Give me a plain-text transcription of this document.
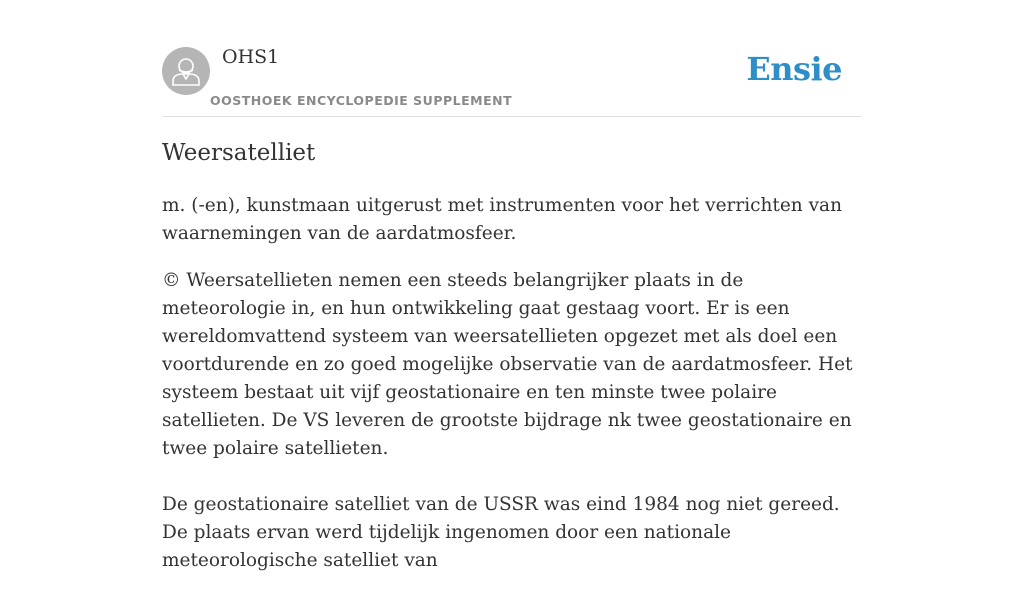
OHS1
OOSTHOEK ENCYCLOPEDIE SUPPLEMENT
Ensie
Weersatelliet

m. (-en), kunstmaan uitgerust met instrumenten voor het verrichten van waarnemingen van de aardatmosfeer.

© Weersatellieten nemen een steeds belangrijker plaats in de meteorologie in, en hun ontwikkeling gaat gestaag voort. Er is een wereldomvattend systeem van weersatellieten opgezet met als doel een voortdurende en zo goed mogelijke observatie van de aardatmosfeer. Het systeem bestaat uit vijf geostationaire en ten minste twee polaire satellieten. De VS leveren de grootste bijdrage nk twee geostationaire en twee polaire satellieten.

De geostationaire satelliet van de USSR was eind 1984 nog niet gereed. De plaats ervan werd tijdelijk ingenomen door een nationale meteorologische satelliet van
